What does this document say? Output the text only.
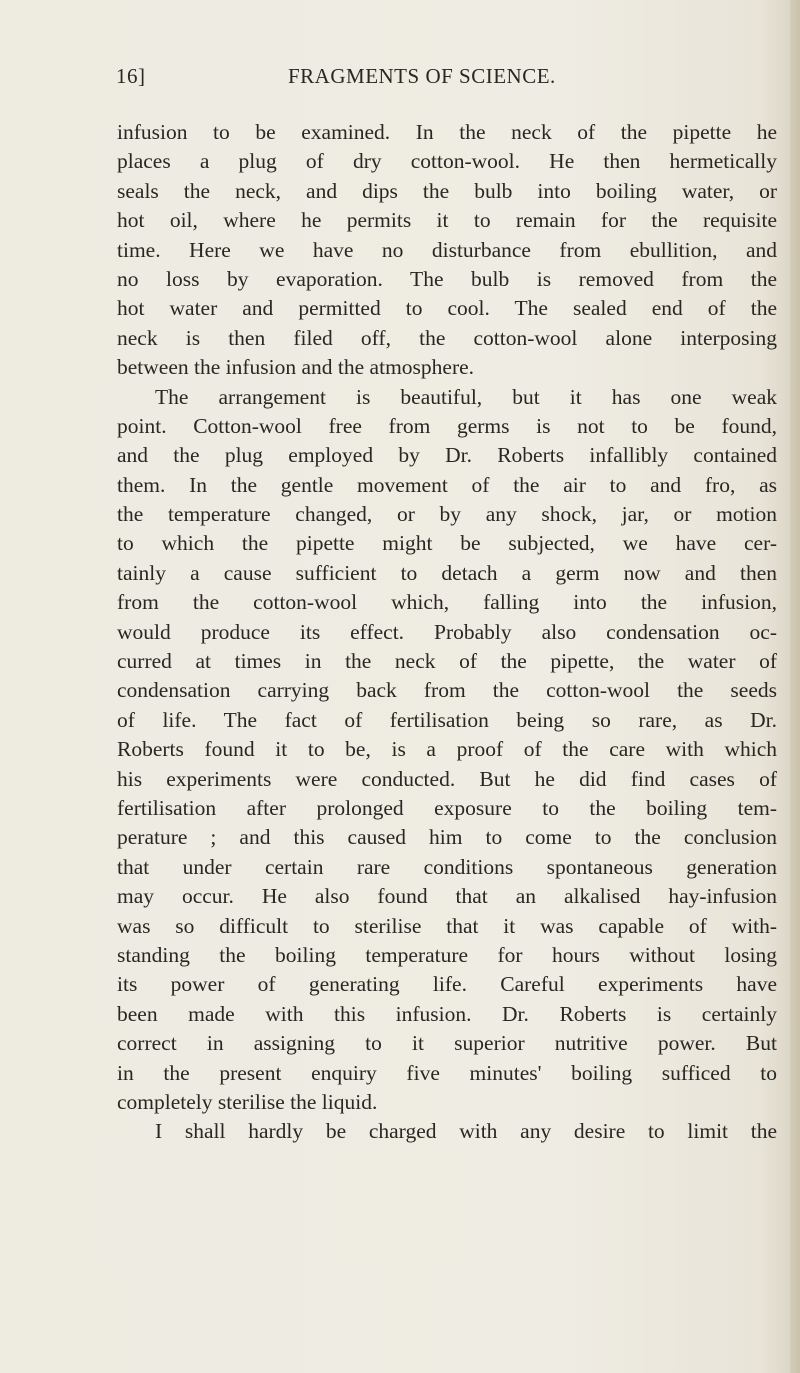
16]	FRAGMENTS OF SCIENCE.
infusion to be examined. In the neck of the pipette he
places a plug of dry cotton-wool. He then hermetically
seals the neck, and dips the bulb into boiling water, or
hot oil, where he permits it to remain for the requisite
time. Here we have no disturbance from ebullition, and
no loss by evaporation. The bulb is removed from the
hot water and permitted to cool. The sealed end of the
neck is then filed off, the cotton-wool alone interposing
between the infusion and the atmosphere.
The arrangement is beautiful, but it has one weak
point. Cotton-wool free from germs is not to be found,
and the plug employed by Dr. Roberts infallibly contained
them. In the gentle movement of the air to and fro, as
the temperature changed, or by any shock, jar, or motion
to which the pipette might be subjected, we have cer-
tainly a cause sufficient to detach a germ now and then
from the cotton-wool which, falling into the infusion,
would produce its effect. Probably also condensation oc-
curred at times in the neck of the pipette, the water of
condensation carrying back from the cotton-wool the seeds
of life. The fact of fertilisation being so rare, as Dr.
Roberts found it to be, is a proof of the care with which
his experiments were conducted. But he did find cases of
fertilisation after prolonged exposure to the boiling tem-
perature ; and this caused him to come to the conclusion
that under certain rare conditions spontaneous generation
may occur. He also found that an alkalised hay-infusion
was so difficult to sterilise that it was capable of with-
standing the boiling temperature for hours without losing
its power of generating life. Careful experiments have
been made with this infusion. Dr. Roberts is certainly
correct in assigning to it superior nutritive power. But
in the present enquiry five minutes' boiling sufficed to
completely sterilise the liquid.
I shall hardly be charged with any desire to limit the
